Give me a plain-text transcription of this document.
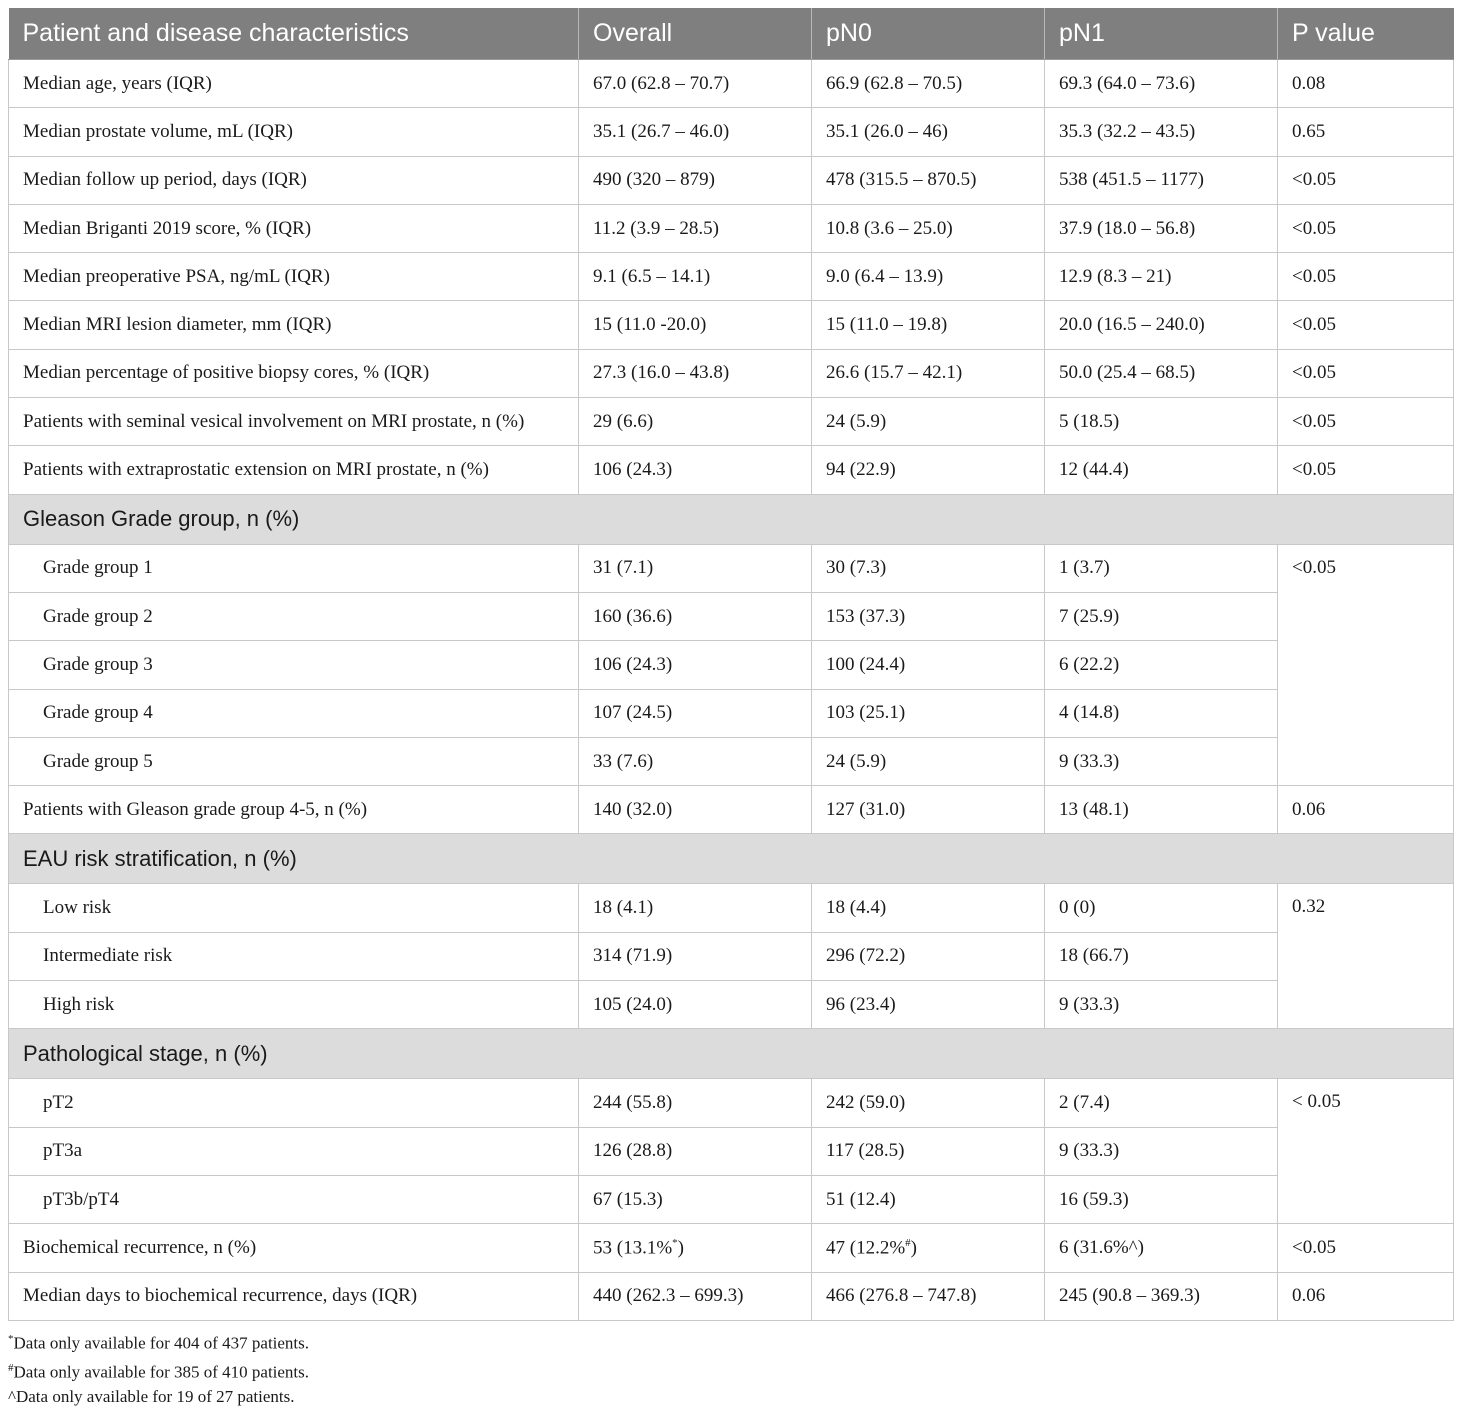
Patient and disease characteristics	Overall	pN0	pN1	P value
Median age, years (IQR)	67.0 (62.8 – 70.7)	66.9 (62.8 – 70.5)	69.3 (64.0 – 73.6)	0.08
Median prostate volume, mL (IQR)	35.1 (26.7 – 46.0)	35.1 (26.0 – 46)	35.3 (32.2 – 43.5)	0.65
Median follow up period, days (IQR)	490 (320 – 879)	478 (315.5 – 870.5)	538 (451.5 – 1177)	<0.05
Median Briganti 2019 score, % (IQR)	11.2 (3.9 – 28.5)	10.8 (3.6 – 25.0)	37.9 (18.0 – 56.8)	<0.05
Median preoperative PSA, ng/mL (IQR)	9.1 (6.5 – 14.1)	9.0 (6.4 – 13.9)	12.9 (8.3 – 21)	<0.05
Median MRI lesion diameter, mm (IQR)	15 (11.0 -20.0)	15 (11.0 – 19.8)	20.0 (16.5 – 240.0)	<0.05
Median percentage of positive biopsy cores, % (IQR)	27.3 (16.0 – 43.8)	26.6 (15.7 – 42.1)	50.0 (25.4 – 68.5)	<0.05
Patients with seminal vesical involvement on MRI prostate, n (%)	29 (6.6)	24 (5.9)	5 (18.5)	<0.05
Patients with extraprostatic extension on MRI prostate, n (%)	106 (24.3)	94 (22.9)	12 (44.4)	<0.05
Gleason Grade group, n (%)				
Grade group 1	31 (7.1)	30 (7.3)	1 (3.7)	<0.05
Grade group 2	160 (36.6)	153 (37.3)	7 (25.9)	
Grade group 3	106 (24.3)	100 (24.4)	6 (22.2)	
Grade group 4	107 (24.5)	103 (25.1)	4 (14.8)	
Grade group 5	33 (7.6)	24 (5.9)	9 (33.3)	
Patients with Gleason grade group 4-5, n (%)	140 (32.0)	127 (31.0)	13 (48.1)	0.06
EAU risk stratification, n (%)				
Low risk	18 (4.1)	18 (4.4)	0 (0)	0.32
Intermediate risk	314 (71.9)	296 (72.2)	18 (66.7)	
High risk	105 (24.0)	96 (23.4)	9 (33.3)	
Pathological stage, n (%)				
pT2	244 (55.8)	242 (59.0)	2 (7.4)	< 0.05
pT3a	126 (28.8)	117 (28.5)	9 (33.3)	
pT3b/pT4	67 (15.3)	51 (12.4)	16 (59.3)	
Biochemical recurrence, n (%)	53 (13.1%*)	47 (12.2%#)	6 (31.6%^)	<0.05
Median days to biochemical recurrence, days (IQR)	440 (262.3 – 699.3)	466 (276.8 – 747.8)	245 (90.8 – 369.3)	0.06
*Data only available for 404 of 437 patients.
#Data only available for 385 of 410 patients.
^Data only available for 19 of 27 patients.
